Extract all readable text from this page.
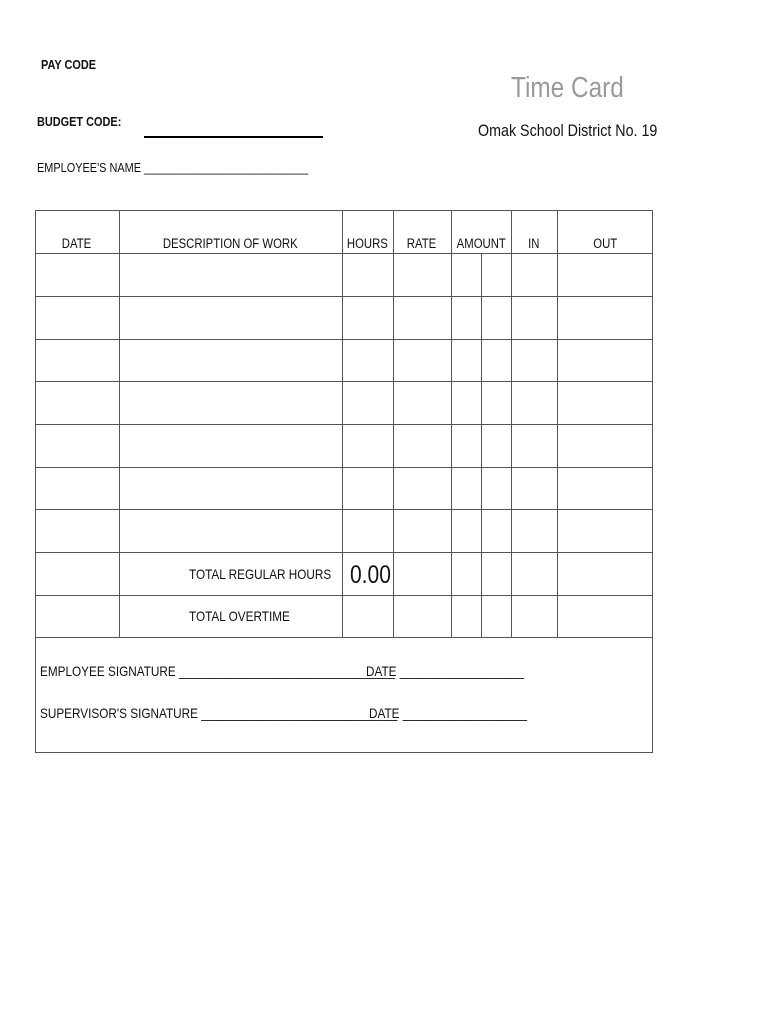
PAY CODE
BUDGET CODE:
EMPLOYEE'S NAME ___________________________
Time Card
Omak School District No. 19
DATE	DESCRIPTION OF WORK	HOURS	RATE	AMOUNT	IN	OUT
TOTAL REGULAR HOURS 0.00
TOTAL OVERTIME
EMPLOYEE SIGNATURE _________________________________
DATE ___________________
SUPERVISOR'S SIGNATURE ______________________________
DATE ___________________
